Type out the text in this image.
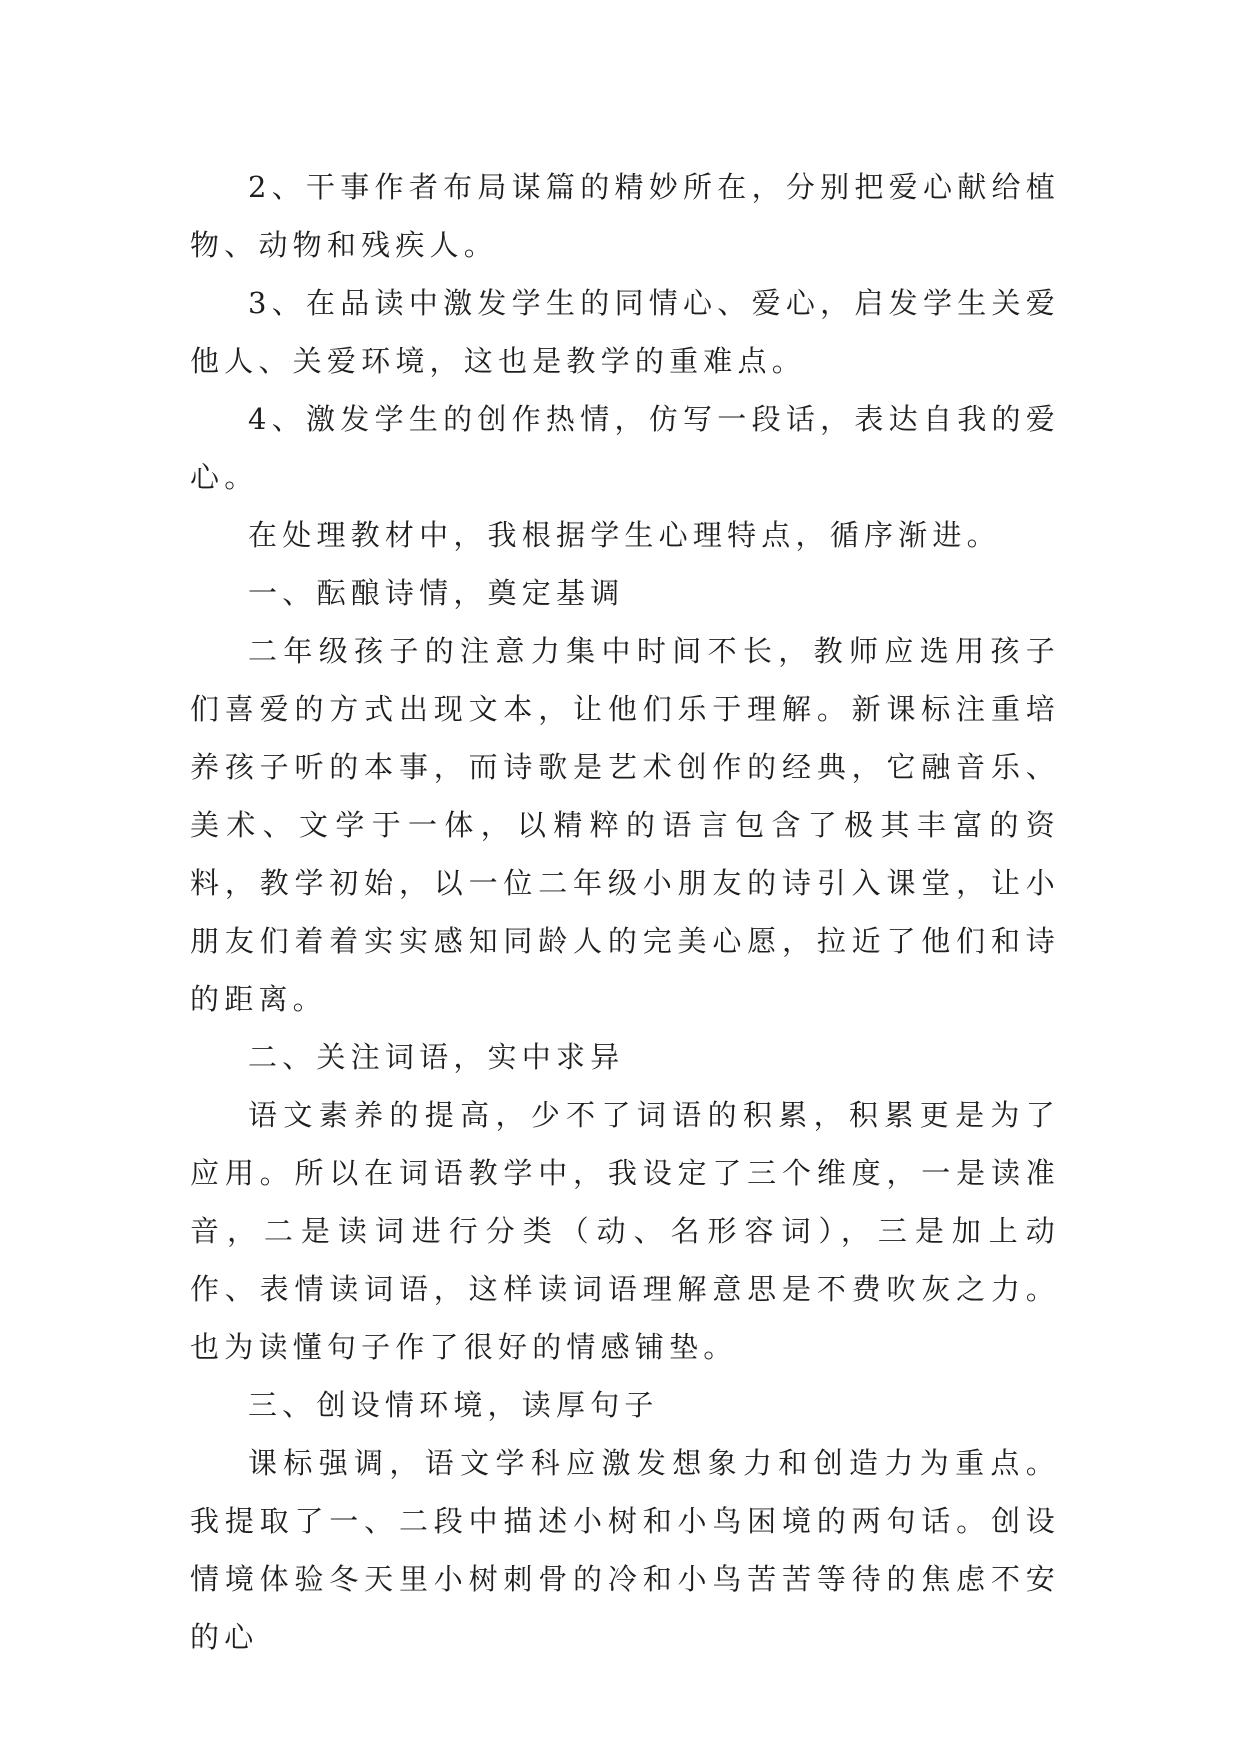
2、干事作者布局谋篇的精妙所在，分别把爱心献给植物、动物和残疾人。

3、在品读中激发学生的同情心、爱心，启发学生关爱他人、关爱环境，这也是教学的重难点。

4、激发学生的创作热情，仿写一段话，表达自我的爱心。

在处理教材中，我根据学生心理特点，循序渐进。

一、酝酿诗情，奠定基调

二年级孩子的注意力集中时间不长，教师应选用孩子们喜爱的方式出现文本，让他们乐于理解。新课标注重培养孩子听的本事，而诗歌是艺术创作的经典，它融音乐、美术、文学于一体，以精粹的语言包含了极其丰富的资料，教学初始，以一位二年级小朋友的诗引入课堂，让小朋友们着着实实感知同龄人的完美心愿，拉近了他们和诗的距离。

二、关注词语，实中求异

语文素养的提高，少不了词语的积累，积累更是为了应用。所以在词语教学中，我设定了三个维度，一是读准音，二是读词进行分类（动、名形容词），三是加上动作、表情读词语，这样读词语理解意思是不费吹灰之力。也为读懂句子作了很好的情感铺垫。

三、创设情环境，读厚句子

课标强调，语文学科应激发想象力和创造力为重点。我提取了一、二段中描述小树和小鸟困境的两句话。创设情境体验冬天里小树刺骨的冷和小鸟苦苦等待的焦虑不安的心
